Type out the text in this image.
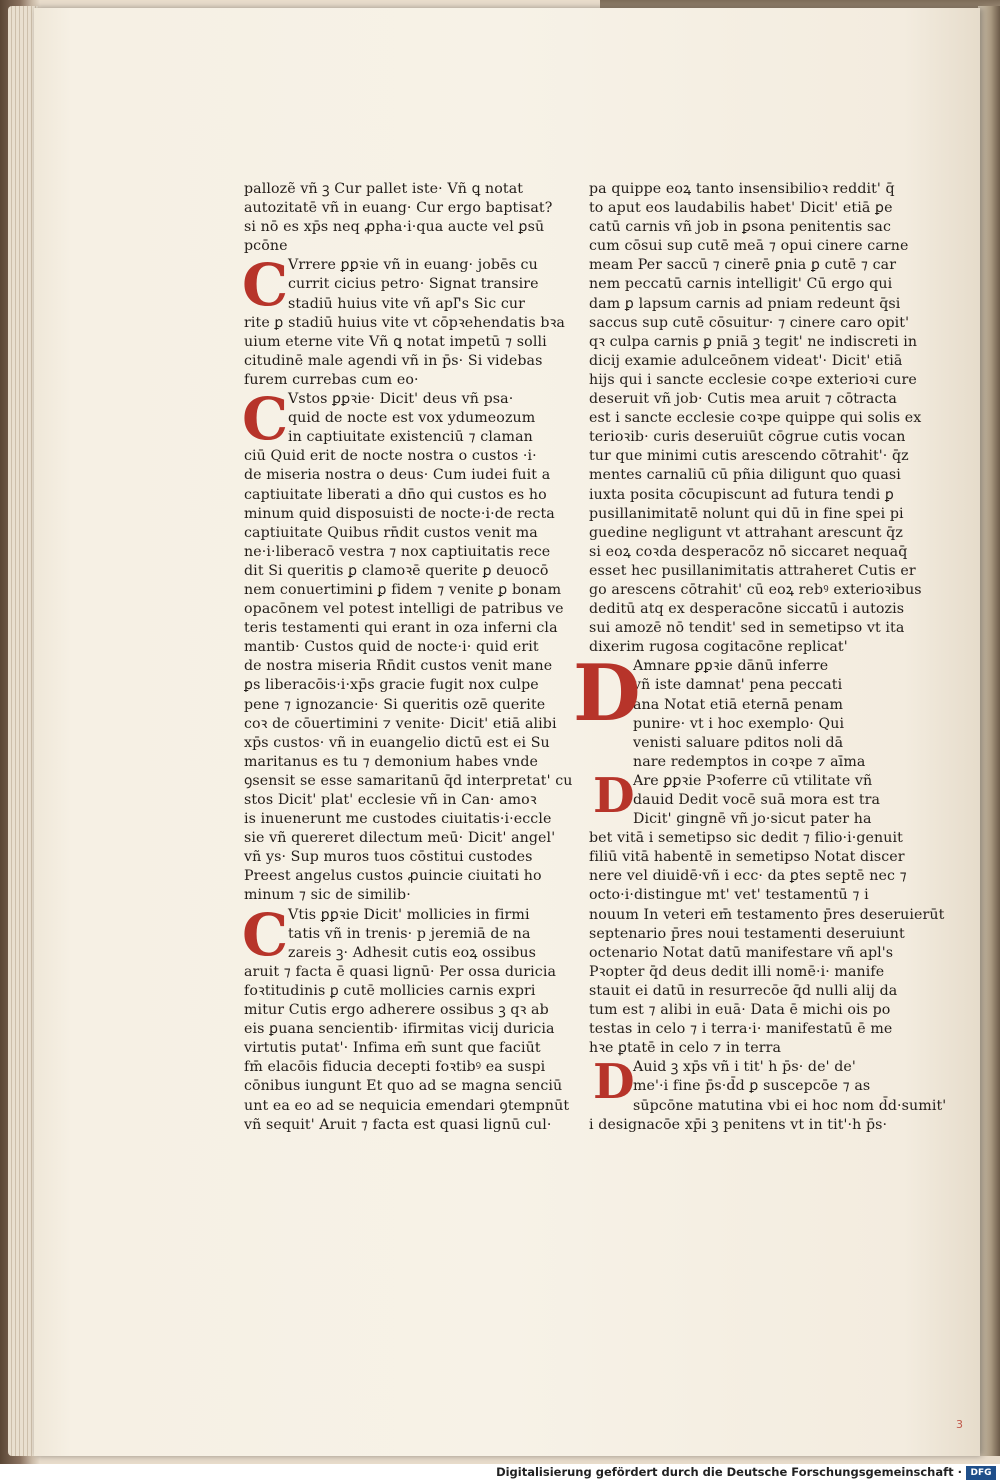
pallozẽ vñ ꝫ Cur pallet iste· Vñ ꝗ notat
autozitatē vñ in euang· Cur ergo baptisat?
si nō es xp̄s neq ꝓpha·i·qua aucte vel ꝑsū
pcōne
C Vrrere ꝑꝑꝛie vñ in euang· jobēs cu
currit cicius petro· Signat transire
stadiū huius vite vñ apl'̄s Sic cur
rite ꝑ stadiū huius vite vt cōpꝛehendatis bꝛa
uium eterne vite Vñ ꝗ notat impetū ⁊ solli
citudinē male agendi vñ in p̄s· Si videbas
furem currebas cum eo·
C Vstos ꝑꝑꝛie· Dicit' deus vñ psa·
quid de nocte est vox ydumeozum
in captiuitate existenciū ⁊ claman
ciū Quid erit de nocte nostra o custos ·i·
de miseria nostra o deus· Cum iudei fuit a
captiuitate liberati a dn̄o qui custos es ho
minum quid disposuisti de nocte·i·de recta
captiuitate Quibus rn̄dit custos venit ma
ne·i·liberacō vestra ⁊ nox captiuitatis rece
dit Si queritis ꝑ clamoꝛē querite ꝑ deuocō
nem conuertimini ꝑ fidem ⁊ venite ꝑ bonam
opacōnem vel potest intelligi de patribus ve
teris testamenti qui erant in oza inferni cla
mantib· Custos quid de nocte·i· quid erit
de nostra miseria Rn̄dit custos venit mane
ꝑs liberacōis·i·xp̄s gracie fugit nox culpe
pene ⁊ ignozancie· Si queritis ozē querite
coꝛ de cōuertimini ⁊ venite· Dicit' etiā alibi
xp̄s custos· vñ in euangelio dictū est ei Su
maritanus es tu ⁊ demonium habes vnde
ꝯsensit se esse samaritanū q̄d interpretat' cu
stos Dicit' plat' ecclesie vñ in Can· amoꝛ
is inuenerunt me custodes ciuitatis·i·eccle
sie vñ quereret dilectum meū· Dicit' angel'
vñ ys· Sup muros tuos cōstitui custodes
Preest angelus custos ꝓuincie ciuitati ho
minum ⁊ sic de similib·
C Vtis ꝑꝑꝛie Dicit' mollicies in firmi
tatis vñ in trenis· p jeremiā de na
zareis ꝫ· Adhesit cutis eoꝝ ossibus
aruit ⁊ facta ē quasi lignū· Per ossa duricia
foꝛtitudinis ꝑ cutē mollicies carnis expri
mitur Cutis ergo adherere ossibus ꝫ qꝛ ab
eis ꝑuana sencientib· ifirmitas vicij duricia
virtutis putat'· Infima em̄ sunt que faciūt
fm̄ elacōis fiducia decepti foꝛtibꝰ ea suspi
cōnibus iungunt Et quo ad se magna senciū
unt ea eo ad se nequicia emendari ꝯtempnūt
vñ sequit' Aruit ⁊ facta est quasi lignū cul·
pa quippe eoꝝ tanto insensibilioꝛ reddit' q̄
to aput eos laudabilis habet' Dicit' etiā ꝑe
catū carnis vñ job in ꝑsona penitentis sac
cum cōsui sup cutē meā ⁊ opui cinere carne
meam Per saccū ⁊ cinerē ꝑnia ꝑ cutē ⁊ car
nem peccatū carnis intelligit' Cū ergo qui
dam ꝑ lapsum carnis ad pniam redeunt q̄si
saccus sup cutē cōsuitur· ⁊ cinere caro opit'
qꝛ culpa carnis ꝑ pniā ꝫ tegit' ne indiscreti in
dicij examie adulceōnem videat'· Dicit' etiā
hijs qui i sancte ecclesie coꝛpe exterioꝛi cure
deseruit vñ job· Cutis mea aruit ⁊ cōtracta
est i sancte ecclesie coꝛpe quippe qui solis ex
terioꝛib· curis deseruiūt cōgrue cutis vocan
tur que minimi cutis arescendo cōtrahit'· q̄z
mentes carnaliū cū pñia diligunt quo quasi
iuxta posita cōcupiscunt ad futura tendi ꝑ
pusillanimitatē nolunt qui dū in fine spei pi
guedine negligunt vt attrahant arescunt q̄z
si eoꝝ coꝛda desperacōz nō siccaret nequaq̄
esset hec pusillanimitatis attraheret Cutis er
go arescens cōtrahit' cū eoꝝ rebꝰ exterioꝛibus
deditū atq ex desperacōne siccatū i autozis
sui amozē nō tendit' sed in semetipso vt ita
dixerim rugosa cogitacōne replicat'
D
Amnare ꝑꝑꝛie dānū inferre
vñ iste damnat' pena peccati
ana Notat etiā eternā penam
punire· vt i hoc exemplo· Qui
venisti saluare pditos noli dā
nare redemptos in coꝛpe ⁊ aīma
D
Are ꝑꝑꝛie Pꝛoferre cū vtilitate vñ
dauid Dedit vocē suā mora est tra
Dicit' gingnē vñ jo·sicut pater ha
bet vitā i semetipso sic dedit ⁊ filio·i·genuit
filiū vitā habentē in semetipso Notat discer
nere vel diuidē·vñ i ecc· da ꝑtes septē nec ⁊
octo·i·distingue mt' vet' testamentū ⁊ i
nouum In veteri em̄ testamento p̄res deseruierūt
septenario p̄res noui testamenti deseruiunt
octenario Notat datū manifestare vñ apl's
Pꝛopter q̄d deus dedit illi nomē·i· manife
stauit ei datū in resurrecōe q̄d nulli alij da
tum est ⁊ alibi in euā· Data ē michi ois po
testas in celo ⁊ i terra·i· manifestatū ē me
hꝛe ꝑtatē in celo ⁊ in terra
D
Auid ꝫ xp̄s vñ i tit' h p̄s· de' de'
me'·i fine p̄s·d̄d ꝑ suscepcōe ⁊ as
sūpcōne matutina vbi ei hoc nom d̄d·sumit'
i designacōe xp̄i ꝫ penitens vt in tit'·h p̄s·
3
Digitalisierung gefördert durch die Deutsche Forschungsgemeinschaft · DFG
